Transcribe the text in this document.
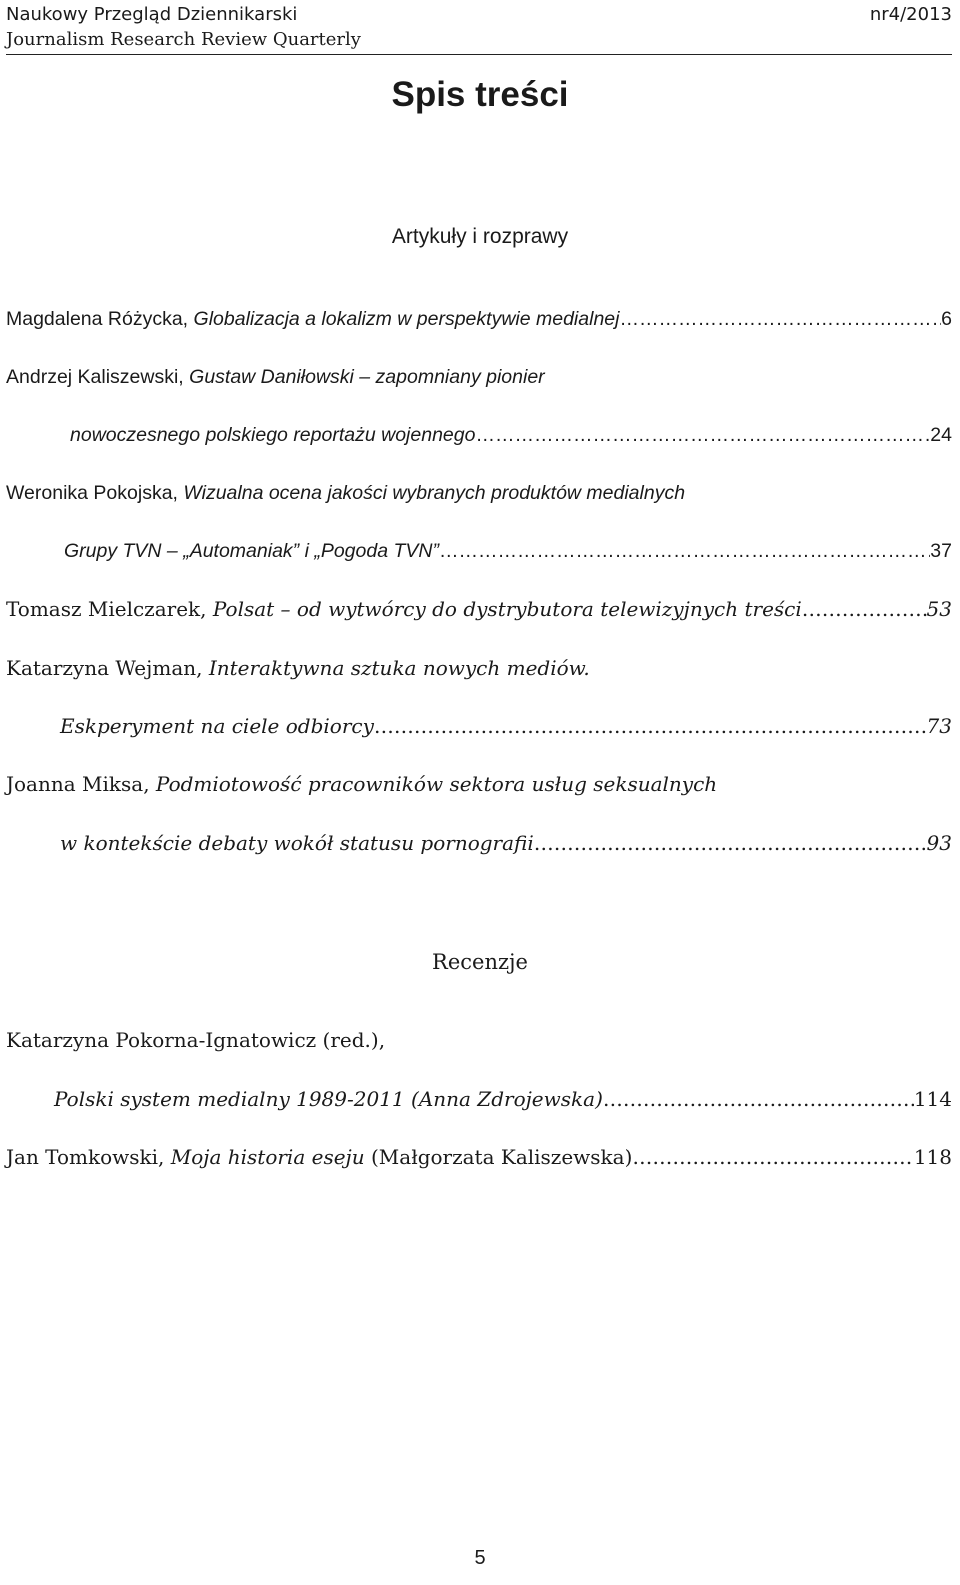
Naukowy Przegląd Dziennikarski	nr4/2013
Journalism Research Review Quarterly
Spis treści
Artykuły i rozprawy
Magdalena Różycka, Globalizacja a lokalizm w perspektywie medialnej …………………………………………………………………………………………………………………………………………………………………………………………………………………	6
Andrzej Kaliszewski, Gustaw Daniłowski – zapomniany pionier
nowoczesnego polskiego reportażu wojennego …………………………………………………………………………………………………………………………………………………………………………………………………………………	24
Weronika Pokojska, Wizualna ocena jakości wybranych produktów medialnych
Grupy TVN – „Automaniak” i „Pogoda TVN” …………………………………………………………………………………………………………………………………………………………………………………………………………………	37
Tomasz Mielczarek, Polsat – od wytwórcy do dystrybutora telewizyjnych treści …………………………………………………………………………………………………………………………………………………………………………………………………………………	53
Katarzyna Wejman, Interaktywna sztuka nowych mediów.
Eskperyment na ciele odbiorcy …………………………………………………………………………………………………………………………………………………………………………………………………………………	73
Joanna Miksa, Podmiotowość pracowników sektora usług seksualnych
w kontekście debaty wokół statusu pornografii …………………………………………………………………………………………………………………………………………………………………………………………………………………	93
Recenzje
Katarzyna Pokorna-Ignatowicz (red.),
Polski system medialny 1989-2011 (Anna Zdrojewska) …………………………………………………………………………………………………………………………………………………………………………………………………………………	114
Jan Tomkowski, Moja historia eseju (Małgorzata Kaliszewska) …………………………………………………………………………………………………………………………………………………………………………………………………………………	118
5
